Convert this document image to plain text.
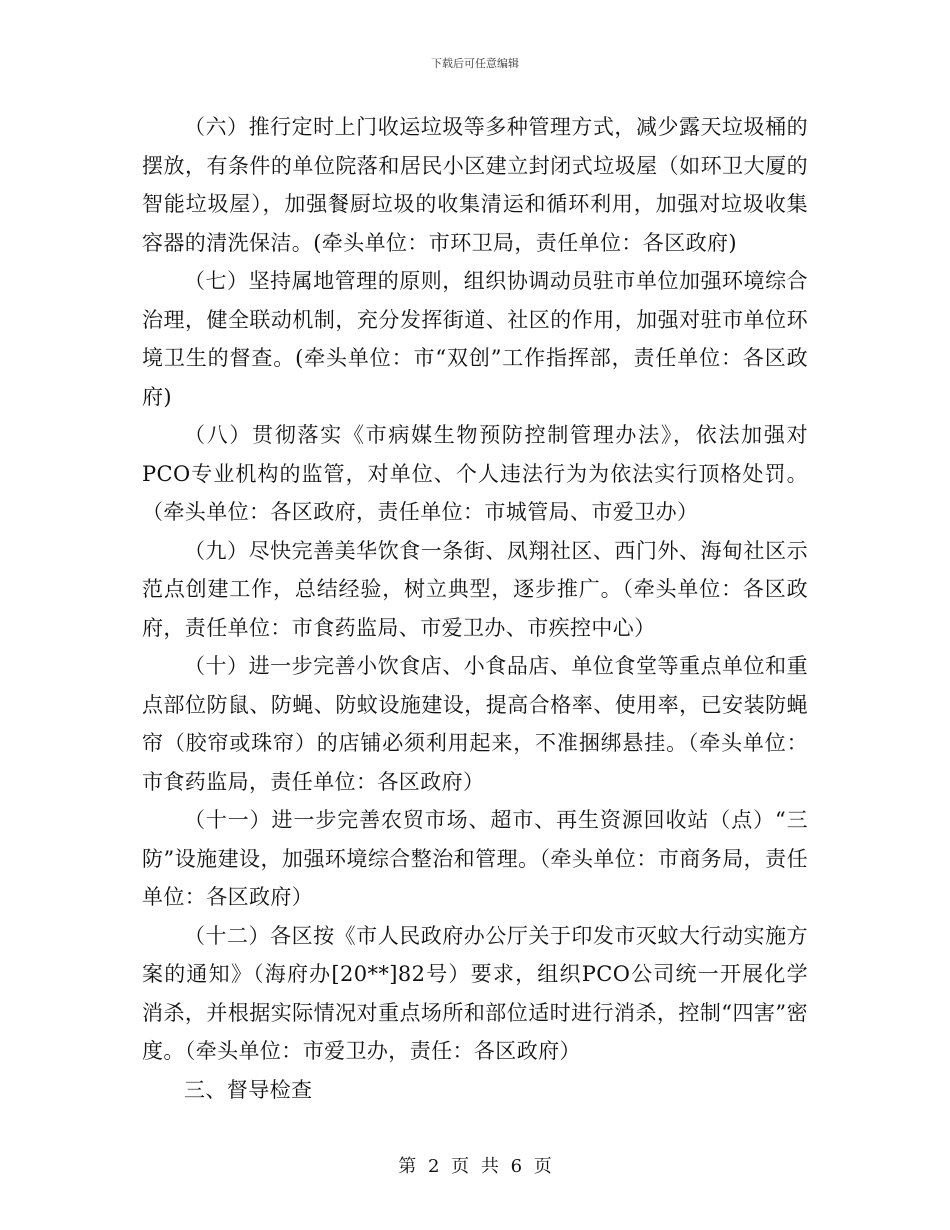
下载后可任意编辑

（六）推行定时上门收运垃圾等多种管理方式，减少露天垃圾桶的摆放，有条件的单位院落和居民小区建立封闭式垃圾屋（如环卫大厦的智能垃圾屋），加强餐厨垃圾的收集清运和循环利用，加强对垃圾收集容器的清洗保洁。(牵头单位：市环卫局，责任单位：各区政府)

（七）坚持属地管理的原则，组织协调动员驻市单位加强环境综合治理，健全联动机制，充分发挥街道、社区的作用，加强对驻市单位环境卫生的督查。(牵头单位：市“双创”工作指挥部，责任单位：各区政府)

（八）贯彻落实《市病媒生物预防控制管理办法》，依法加强对PCO专业机构的监管，对单位、个人违法行为为依法实行顶格处罚。（牵头单位：各区政府，责任单位：市城管局、市爱卫办）

（九）尽快完善美华饮食一条街、凤翔社区、西门外、海甸社区示范点创建工作，总结经验，树立典型，逐步推广。（牵头单位：各区政府，责任单位：市食药监局、市爱卫办、市疾控中心）

（十）进一步完善小饮食店、小食品店、单位食堂等重点单位和重点部位防鼠、防蝇、防蚊设施建设，提高合格率、使用率，已安装防蝇帘（胶帘或珠帘）的店铺必须利用起来，不准捆绑悬挂。（牵头单位：市食药监局，责任单位：各区政府）

（十一）进一步完善农贸市场、超市、再生资源回收站（点）“三防”设施建设，加强环境综合整治和管理。（牵头单位：市商务局，责任单位：各区政府）

（十二）各区按《市人民政府办公厅关于印发市灭蚊大行动实施方案的通知》（海府办[20**]82号）要求，组织PCO公司统一开展化学消杀，并根据实际情况对重点场所和部位适时进行消杀，控制“四害”密度。（牵头单位：市爱卫办，责任：各区政府）

三、督导检查

第 2 页 共 6 页
